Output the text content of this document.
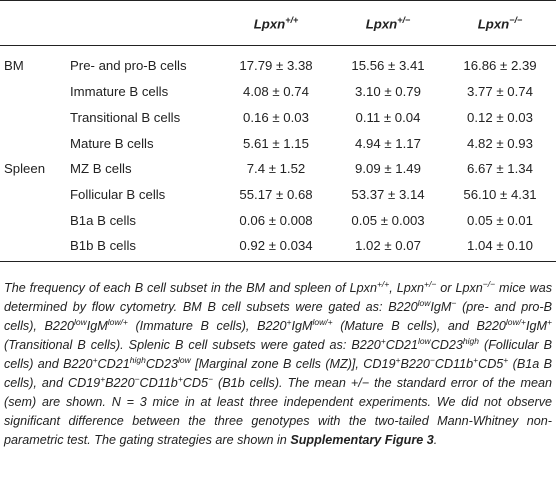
		Lpxn+/+	Lpxn+/−	Lpxn−/−
BM	Pre- and pro-B cells	17.79 ± 3.38	15.56 ± 3.41	16.86 ± 2.39
	Immature B cells	4.08 ± 0.74	3.10 ± 0.79	3.77 ± 0.74
	Transitional B cells	0.16 ± 0.03	0.11 ± 0.04	0.12 ± 0.03
	Mature B cells	5.61 ± 1.15	4.94 ± 1.17	4.82 ± 0.93
Spleen	MZ B cells	7.4 ± 1.52	9.09 ± 1.49	6.67 ± 1.34
	Follicular B cells	55.17 ± 0.68	53.37 ± 3.14	56.10 ± 4.31
	B1a B cells	0.06 ± 0.008	0.05 ± 0.003	0.05 ± 0.01
	B1b B cells	0.92 ± 0.034	1.02 ± 0.07	1.04 ± 0.10
The frequency of each B cell subset in the BM and spleen of Lpxn+/+, Lpxn+/− or Lpxn−/− mice was determined by flow cytometry. BM B cell subsets were gated as: $B220^{low}IgM^-$ (pre- and pro-B cells), $B220^{low}IgM^{low/+}$ (Immature B cells), B220+IgM$^{low/+}$ (Mature B cells), and $B220^{low/+}IgM^+$ (Transitional B cells). Splenic B cell subsets were gated as: $B220^+CD21^{low}CD23^{high}$ (Follicular B cells) and $B220^+CD21^{high}CD23^{low}$ [Marginal zone B cells (MZ)], CD19+B220−CD11b+CD5+ (B1a B cells), and CD19+B220−CD11b+CD5− (B1b cells). The mean +/− the standard error of the mean (sem) are shown. N = 3 mice in at least three independent experiments. We did not observe significant difference between the three genotypes with the two-tailed Mann-Whitney non-parametric test. The gating strategies are shown in Supplementary Figure 3.
